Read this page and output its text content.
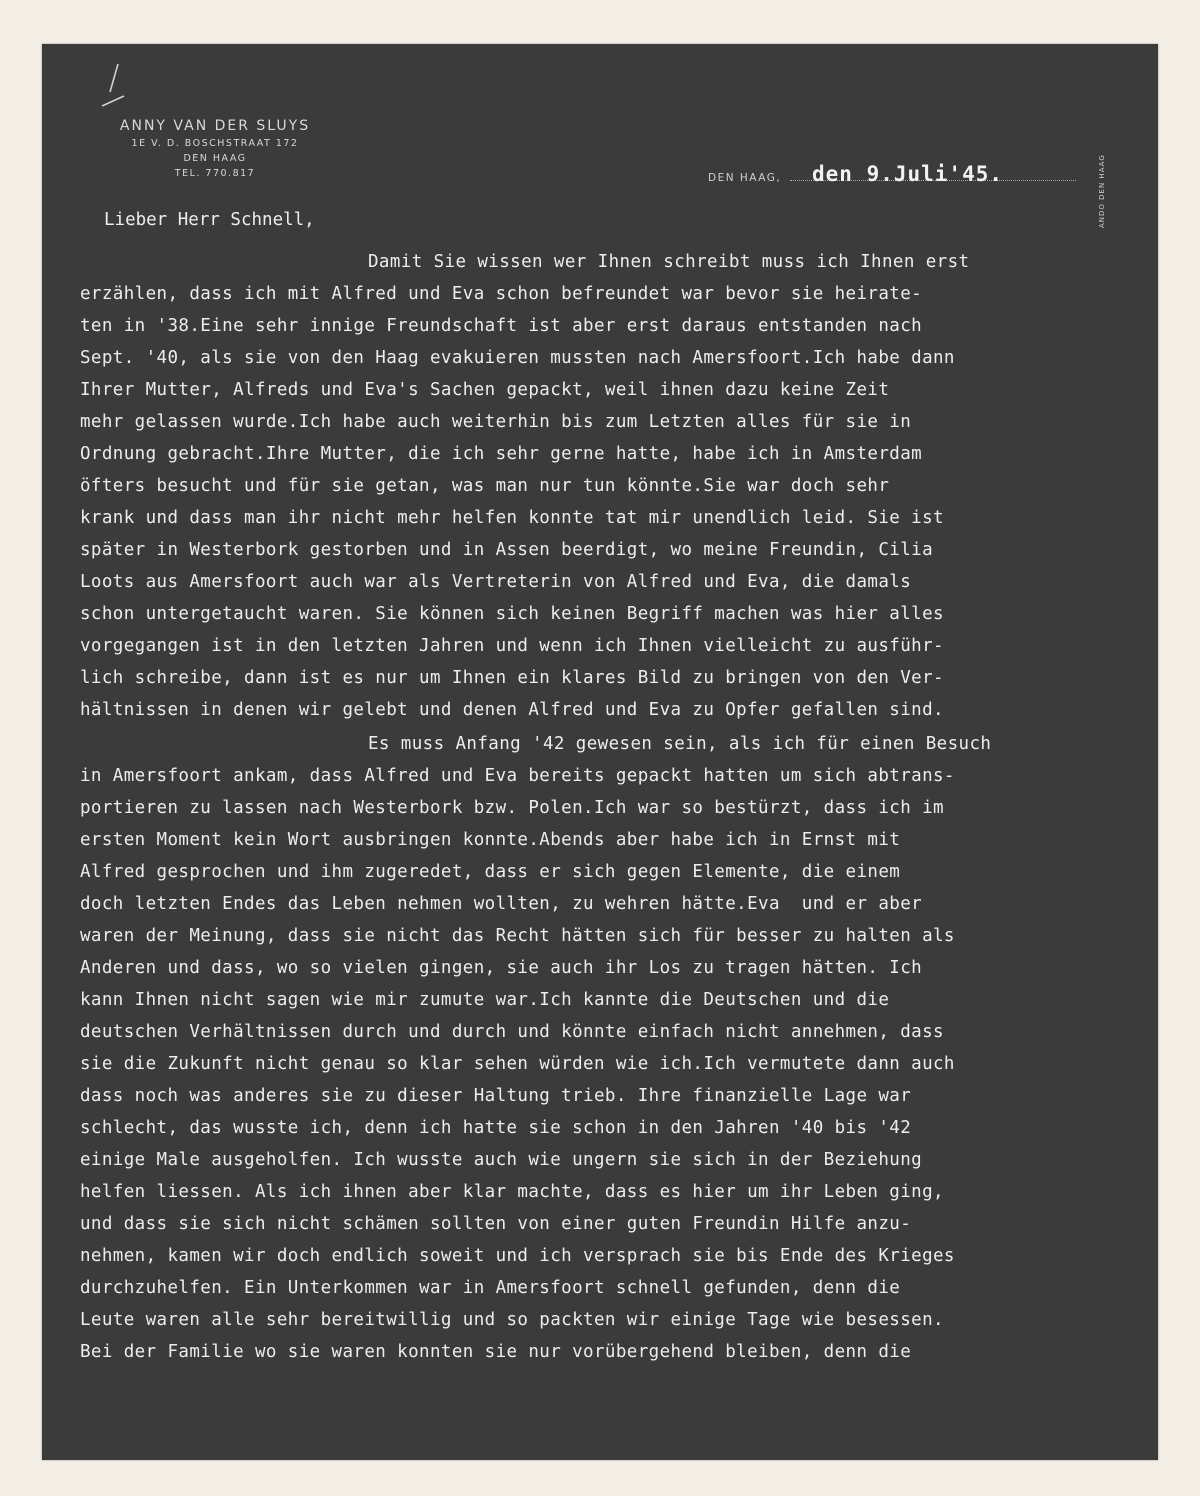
ANNY VAN DER SLUYS
1E V. D. BOSCHSTRAAT 172
DEN HAAG
TEL. 770.817	DEN HAAG, den 9.Juli'45.	ANDO DEN HAAG
Lieber Herr Schnell,
Damit Sie wissen wer Ihnen schreibt muss ich Ihnen erst
erzählen, dass ich mit Alfred und Eva schon befreundet war bevor sie heirate-
ten in '38.Eine sehr innige Freundschaft ist aber erst daraus entstanden nach
Sept. '40, als sie von den Haag evakuieren mussten nach Amersfoort.Ich habe dann
Ihrer Mutter, Alfreds und Eva's Sachen gepackt, weil ihnen dazu keine Zeit
mehr gelassen wurde.Ich habe auch weiterhin bis zum Letzten alles für sie in
Ordnung gebracht.Ihre Mutter, die ich sehr gerne hatte, habe ich in Amsterdam
öfters besucht und für sie getan, was man nur tun könnte.Sie war doch sehr
krank und dass man ihr nicht mehr helfen konnte tat mir unendlich leid. Sie ist
später in Westerbork gestorben und in Assen beerdigt, wo meine Freundin, Cilia
Loots aus Amersfoort auch war als Vertreterin von Alfred und Eva, die damals
schon untergetaucht waren. Sie können sich keinen Begriff machen was hier alles
vorgegangen ist in den letzten Jahren und wenn ich Ihnen vielleicht zu ausführ-
lich schreibe, dann ist es nur um Ihnen ein klares Bild zu bringen von den Ver-
hältnissen in denen wir gelebt und denen Alfred und Eva zu Opfer gefallen sind.
Es muss Anfang '42 gewesen sein, als ich für einen Besuch
in Amersfoort ankam, dass Alfred und Eva bereits gepackt hatten um sich abtrans-
portieren zu lassen nach Westerbork bzw. Polen.Ich war so bestürzt, dass ich im
ersten Moment kein Wort ausbringen konnte.Abends aber habe ich in Ernst mit
Alfred gesprochen und ihm zugeredet, dass er sich gegen Elemente, die einem
doch letzten Endes das Leben nehmen wollten, zu wehren hätte.Eva  und er aber
waren der Meinung, dass sie nicht das Recht hätten sich für besser zu halten als
Anderen und dass, wo so vielen gingen, sie auch ihr Los zu tragen hätten. Ich
kann Ihnen nicht sagen wie mir zumute war.Ich kannte die Deutschen und die
deutschen Verhältnissen durch und durch und könnte einfach nicht annehmen, dass
sie die Zukunft nicht genau so klar sehen würden wie ich.Ich vermutete dann auch
dass noch was anderes sie zu dieser Haltung trieb. Ihre finanzielle Lage war
schlecht, das wusste ich, denn ich hatte sie schon in den Jahren '40 bis '42
einige Male ausgeholfen. Ich wusste auch wie ungern sie sich in der Beziehung
helfen liessen. Als ich ihnen aber klar machte, dass es hier um ihr Leben ging,
und dass sie sich nicht schämen sollten von einer guten Freundin Hilfe anzu-
nehmen, kamen wir doch endlich soweit und ich versprach sie bis Ende des Krieges
durchzuhelfen. Ein Unterkommen war in Amersfoort schnell gefunden, denn die
Leute waren alle sehr bereitwillig und so packten wir einige Tage wie besessen.
Bei der Familie wo sie waren konnten sie nur vorübergehend bleiben, denn die
